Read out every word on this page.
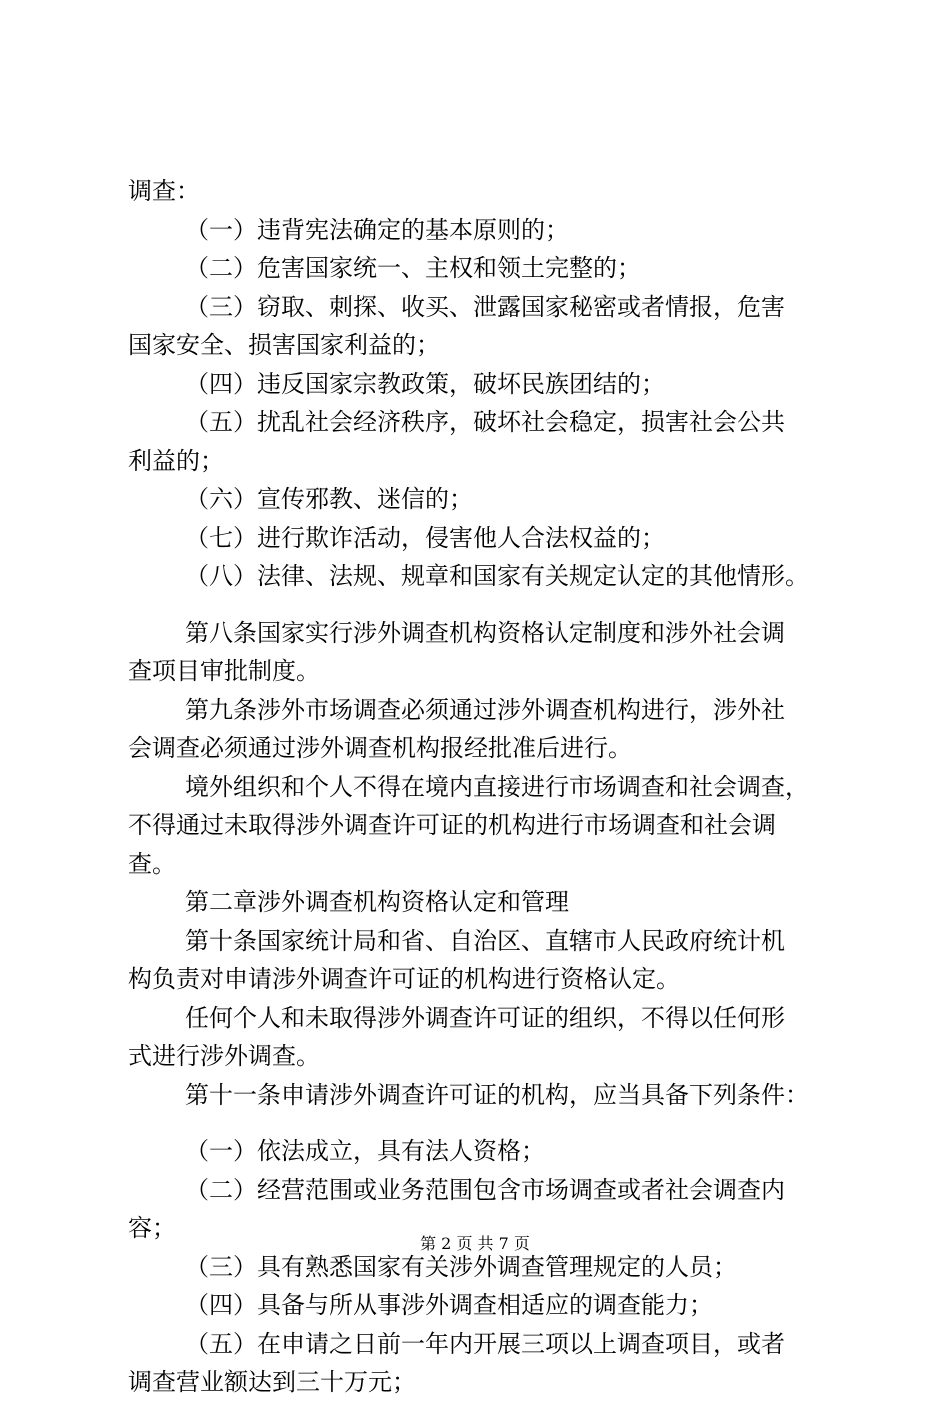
调查：
（一）违背宪法确定的基本原则的；
（二）危害国家统一、主权和领土完整的；
（三）窃取、刺探、收买、泄露国家秘密或者情报，危害
国家安全、损害国家利益的；
（四）违反国家宗教政策，破坏民族团结的；
（五）扰乱社会经济秩序，破坏社会稳定，损害社会公共
利益的；
（六）宣传邪教、迷信的；
（七）进行欺诈活动，侵害他人合法权益的；
（八）法律、法规、规章和国家有关规定认定的其他情形。
第八条国家实行涉外调查机构资格认定制度和涉外社会调
查项目审批制度。
第九条涉外市场调查必须通过涉外调查机构进行，涉外社
会调查必须通过涉外调查机构报经批准后进行。
境外组织和个人不得在境内直接进行市场调查和社会调查，
不得通过未取得涉外调查许可证的机构进行市场调查和社会调
查。
第二章涉外调查机构资格认定和管理
第十条国家统计局和省、自治区、直辖市人民政府统计机
构负责对申请涉外调查许可证的机构进行资格认定。
任何个人和未取得涉外调查许可证的组织，不得以任何形
式进行涉外调查。
第十一条申请涉外调查许可证的机构，应当具备下列条件：
（一）依法成立，具有法人资格；
（二）经营范围或业务范围包含市场调查或者社会调查内
容；
（三）具有熟悉国家有关涉外调查管理规定的人员；
（四）具备与所从事涉外调查相适应的调查能力；
（五）在申请之日前一年内开展三项以上调查项目，或者
调查营业额达到三十万元；
第 2 页 共 7 页
